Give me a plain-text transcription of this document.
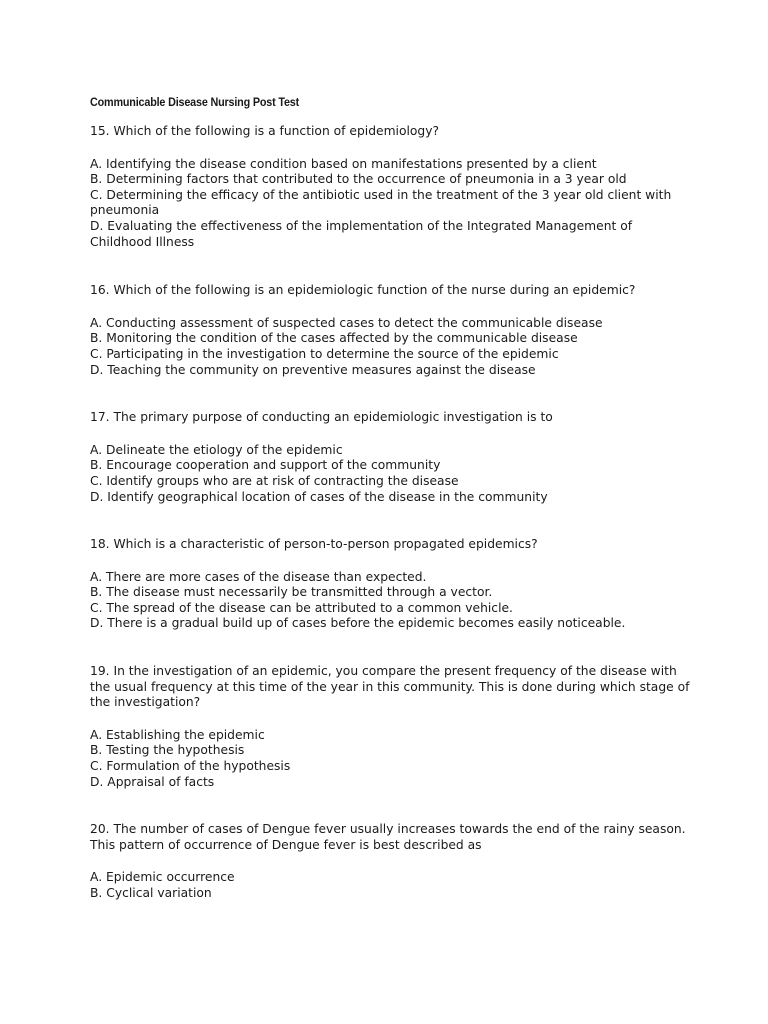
Communicable Disease Nursing Post Test

15. Which of the following is a function of epidemiology?

A. Identifying the disease condition based on manifestations presented by a client
B. Determining factors that contributed to the occurrence of pneumonia in a 3 year old
C. Determining the efficacy of the antibiotic used in the treatment of the 3 year old client with pneumonia
D. Evaluating the effectiveness of the implementation of the Integrated Management of Childhood Illness

16. Which of the following is an epidemiologic function of the nurse during an epidemic?

A. Conducting assessment of suspected cases to detect the communicable disease
B. Monitoring the condition of the cases affected by the communicable disease
C. Participating in the investigation to determine the source of the epidemic
D. Teaching the community on preventive measures against the disease

17. The primary purpose of conducting an epidemiologic investigation is to

A. Delineate the etiology of the epidemic
B. Encourage cooperation and support of the community
C. Identify groups who are at risk of contracting the disease
D. Identify geographical location of cases of the disease in the community

18. Which is a characteristic of person-to-person propagated epidemics?

A. There are more cases of the disease than expected.
B. The disease must necessarily be transmitted through a vector.
C. The spread of the disease can be attributed to a common vehicle.
D. There is a gradual build up of cases before the epidemic becomes easily noticeable.

19. In the investigation of an epidemic, you compare the present frequency of the disease with the usual frequency at this time of the year in this community. This is done during which stage of the investigation?

A. Establishing the epidemic
B. Testing the hypothesis
C. Formulation of the hypothesis
D. Appraisal of facts

20. The number of cases of Dengue fever usually increases towards the end of the rainy season. This pattern of occurrence of Dengue fever is best described as

A. Epidemic occurrence
B. Cyclical variation
